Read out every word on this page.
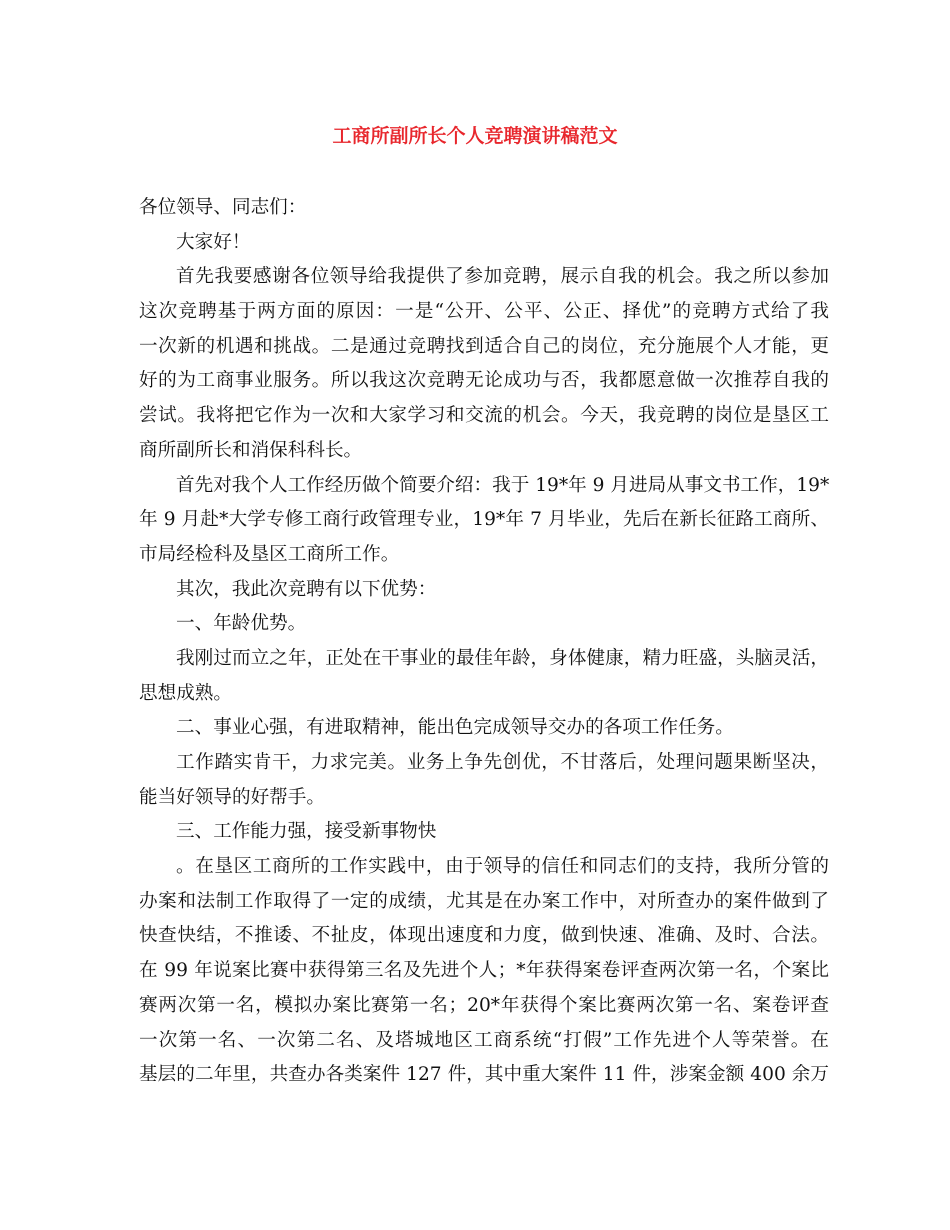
工商所副所长个人竞聘演讲稿范文
各位领导、同志们：
大家好！
首先我要感谢各位领导给我提供了参加竞聘，展示自我的机会。我之所以参加
这次竞聘基于两方面的原因：一是“公开、公平、公正、择优”的竞聘方式给了我
一次新的机遇和挑战。二是通过竞聘找到适合自己的岗位，充分施展个人才能，更
好的为工商事业服务。所以我这次竞聘无论成功与否，我都愿意做一次推荐自我的
尝试。我将把它作为一次和大家学习和交流的机会。今天，我竞聘的岗位是垦区工
商所副所长和消保科科长。
首先对我个人工作经历做个简要介绍：我于 19*年 9 月进局从事文书工作，19*
年 9 月赴*大学专修工商行政管理专业，19*年 7 月毕业，先后在新长征路工商所、
市局经检科及垦区工商所工作。
其次，我此次竞聘有以下优势：
一、年龄优势。
我刚过而立之年，正处在干事业的最佳年龄，身体健康，精力旺盛，头脑灵活，
思想成熟。
二、事业心强，有进取精神，能出色完成领导交办的各项工作任务。
工作踏实肯干，力求完美。业务上争先创优，不甘落后，处理问题果断坚决，
能当好领导的好帮手。
三、工作能力强，接受新事物快
。在垦区工商所的工作实践中，由于领导的信任和同志们的支持，我所分管的
办案和法制工作取得了一定的成绩，尤其是在办案工作中，对所查办的案件做到了
快查快结，不推诿、不扯皮，体现出速度和力度，做到快速、准确、及时、合法。
在 99 年说案比赛中获得第三名及先进个人；*年获得案卷评查两次第一名，个案比
赛两次第一名，模拟办案比赛第一名；20*年获得个案比赛两次第一名、案卷评查
一次第一名、一次第二名、及塔城地区工商系统“打假”工作先进个人等荣誉。在
基层的二年里，共查办各类案件 127 件，其中重大案件 11 件，涉案金额 400 余万
